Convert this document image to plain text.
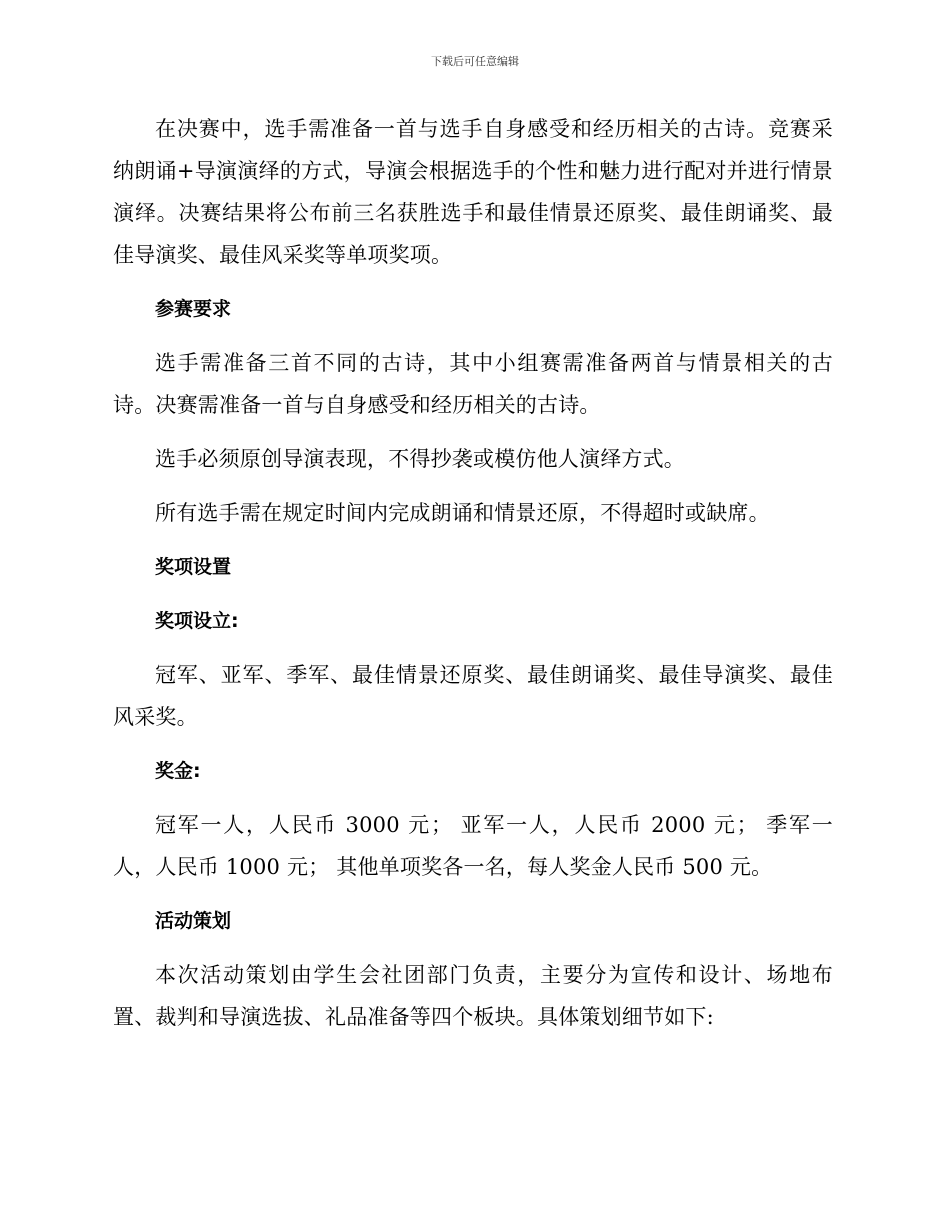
下载后可任意编辑

在决赛中，选手需准备一首与选手自身感受和经历相关的古诗。竞赛采纳朗诵+导演演绎的方式，导演会根据选手的个性和魅力进行配对并进行情景演绎。决赛结果将公布前三名获胜选手和最佳情景还原奖、最佳朗诵奖、最佳导演奖、最佳风采奖等单项奖项。

参赛要求

选手需准备三首不同的古诗，其中小组赛需准备两首与情景相关的古诗。决赛需准备一首与自身感受和经历相关的古诗。

选手必须原创导演表现，不得抄袭或模仿他人演绎方式。

所有选手需在规定时间内完成朗诵和情景还原，不得超时或缺席。

奖项设置
奖项设立:

冠军、亚军、季军、最佳情景还原奖、最佳朗诵奖、最佳导演奖、最佳风采奖。

奖金:

冠军一人，人民币 3000 元； 亚军一人，人民币 2000 元； 季军一人，人民币 1000 元； 其他单项奖各一名，每人奖金人民币 500 元。

活动策划

本次活动策划由学生会社团部门负责，主要分为宣传和设计、场地布置、裁判和导演选拔、礼品准备等四个板块。具体策划细节如下:
